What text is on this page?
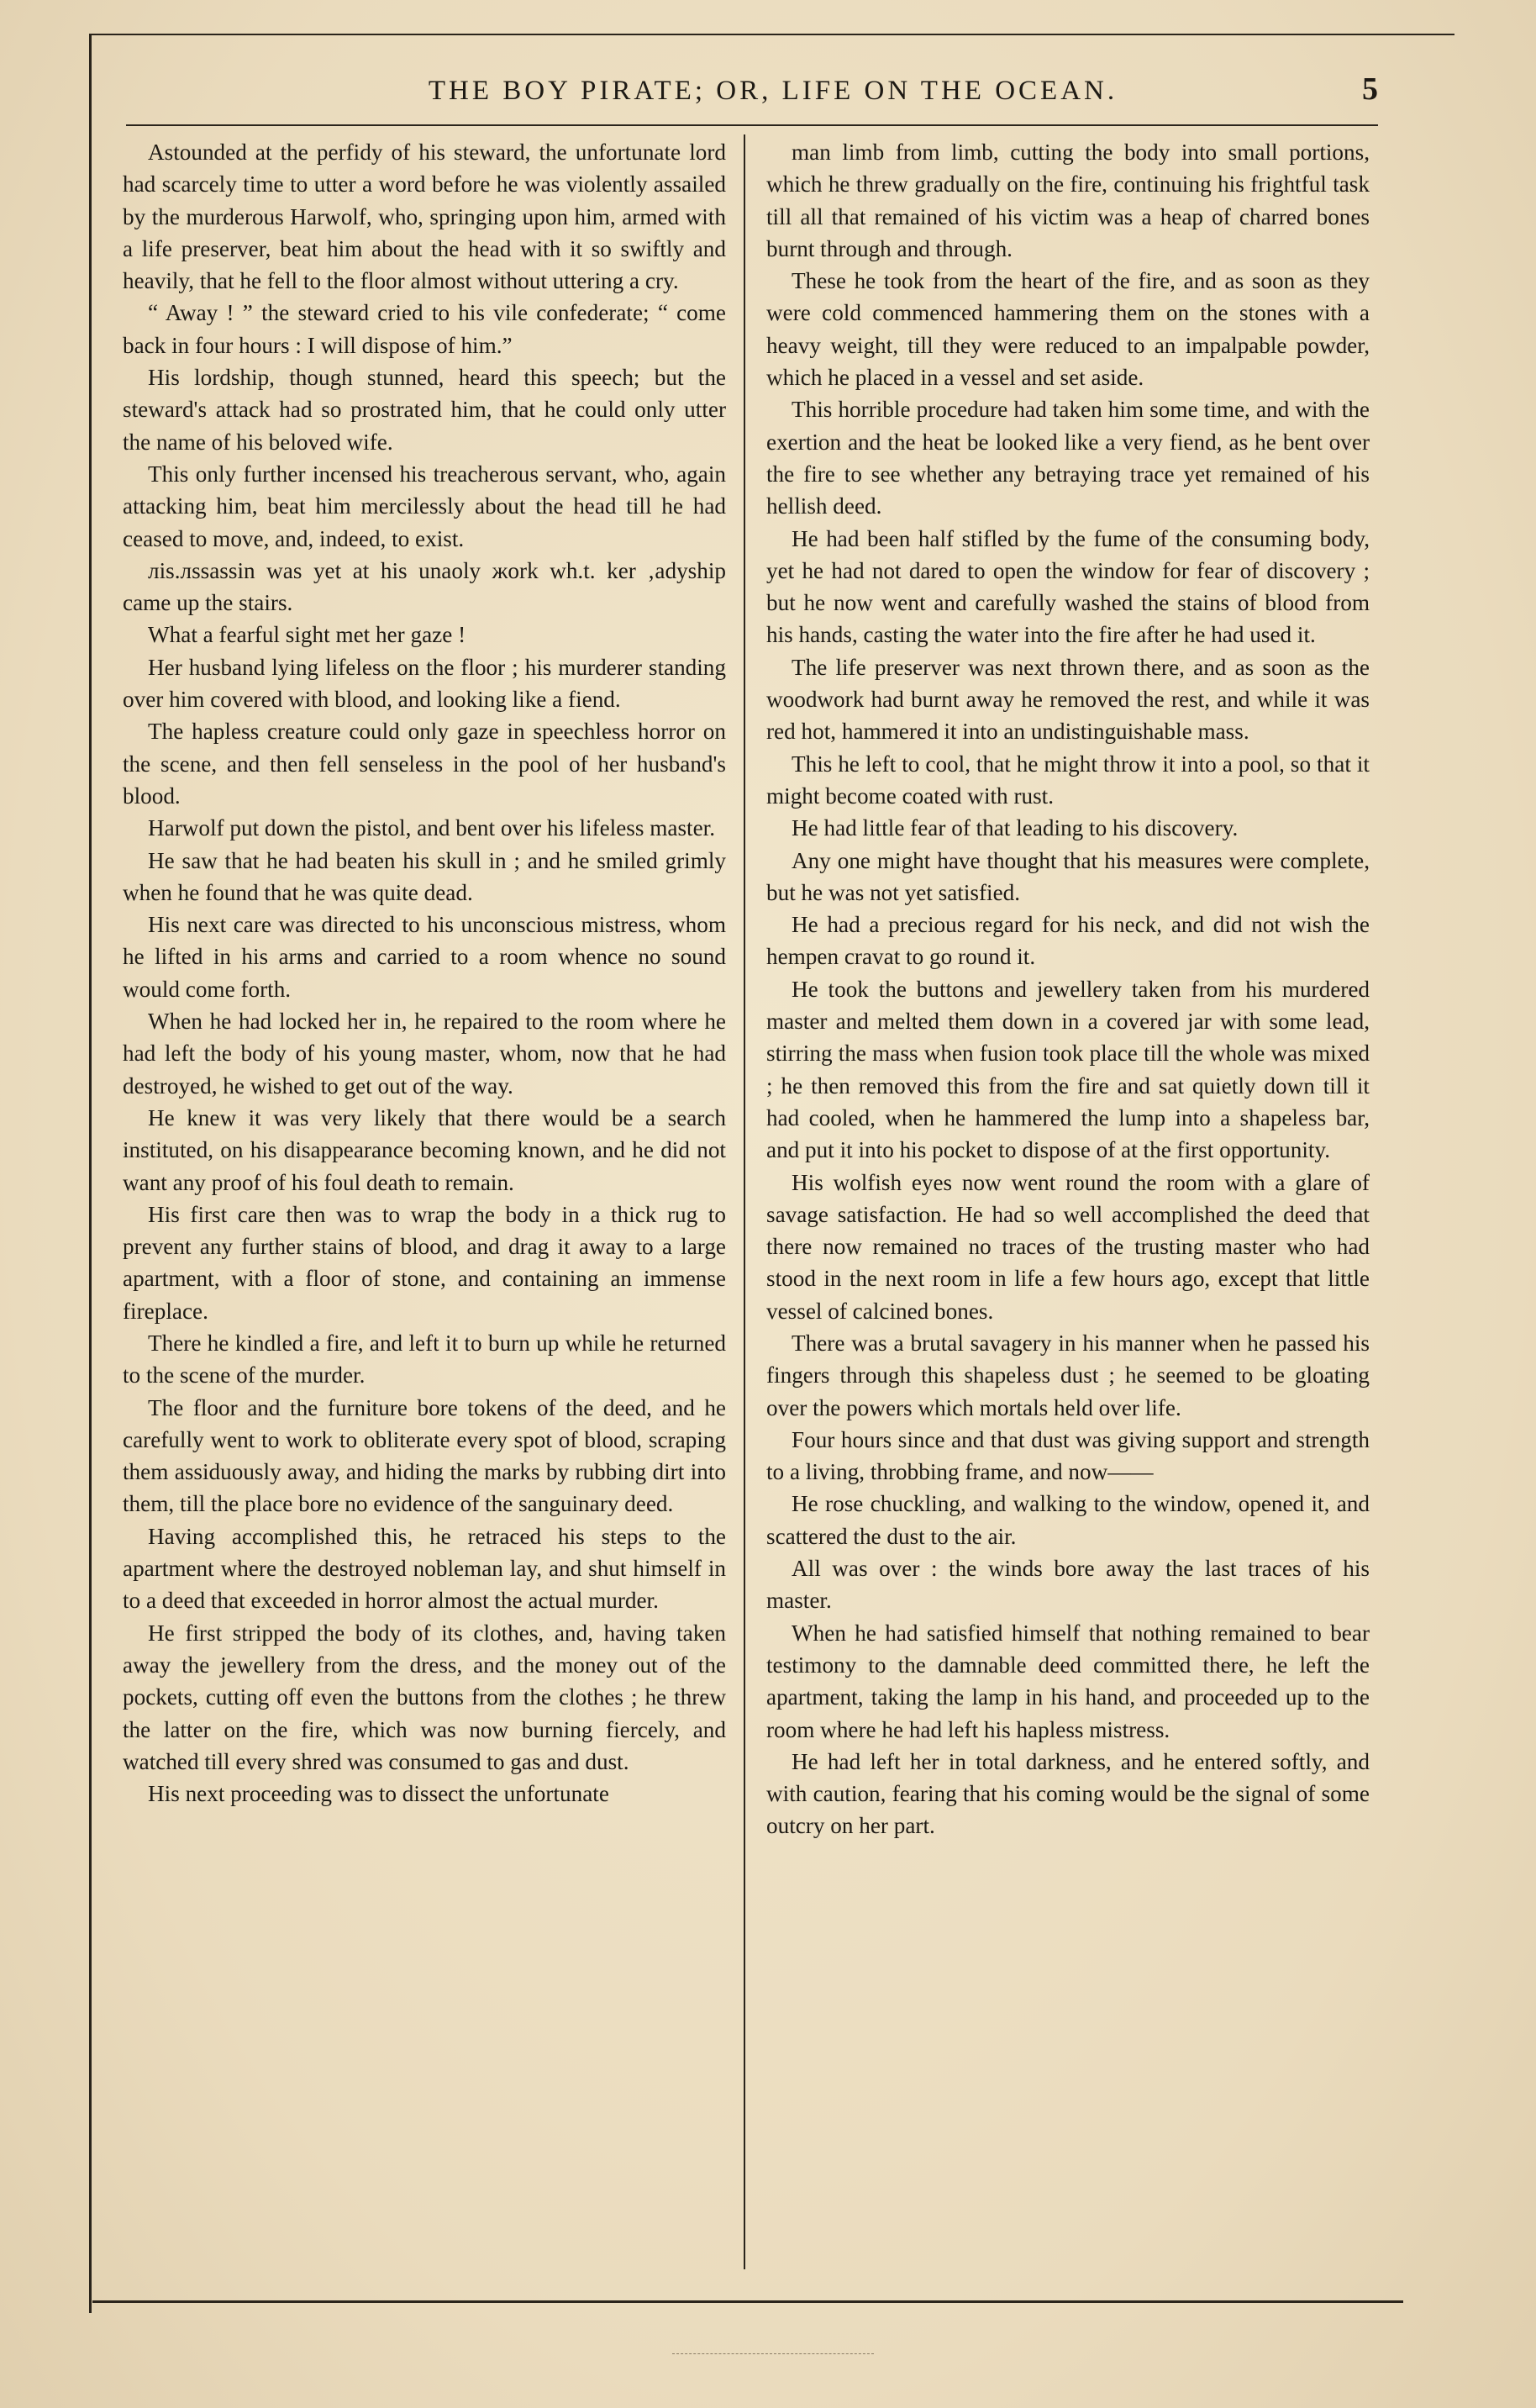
THE BOY PIRATE; OR, LIFE ON THE OCEAN.	5

Astounded at the perfidy of his steward, the unfortunate lord had scarcely time to utter a word before he was violently assailed by the murderous Harwolf, who, springing upon him, armed with a life preserver, beat him about the head with it so swiftly and heavily, that he fell to the floor almost without uttering a cry.

“ Away ! ” the steward cried to his vile confederate; “ come back in four hours : I will dispose of him.”

His lordship, though stunned, heard this speech; but the steward's attack had so prostrated him, that he could only utter the name of his beloved wife.

This only further incensed his treacherous servant, who, again attacking him, beat him mercilessly about the head till he had ceased to move, and, indeed, to exist.

ліѕ.лssassin was yet at his unaoly жork wh.t. ker ‚adyship came up the stairs.

What a fearful sight met her gaze !

Her husband lying lifeless on the floor ; his murderer standing over him covered with blood, and looking like a fiend.

The hapless creature could only gaze in speechless horror on the scene, and then fell senseless in the pool of her husband's blood.

Harwolf put down the pistol, and bent over his lifeless master.

He saw that he had beaten his skull in ; and he smiled grimly when he found that he was quite dead.

His next care was directed to his unconscious mistress, whom he lifted in his arms and carried to a room whence no sound would come forth.

When he had locked her in, he repaired to the room where he had left the body of his young master, whom, now that he had destroyed, he wished to get out of the way.

He knew it was very likely that there would be a search instituted, on his disappearance becoming known, and he did not want any proof of his foul death to remain.

His first care then was to wrap the body in a thick rug to prevent any further stains of blood, and drag it away to a large apartment, with a floor of stone, and containing an immense fireplace.

There he kindled a fire, and left it to burn up while he returned to the scene of the murder.

The floor and the furniture bore tokens of the deed, and he carefully went to work to obliterate every spot of blood, scraping them assiduously away, and hiding the marks by rubbing dirt into them, till the place bore no evidence of the sanguinary deed.

Having accomplished this, he retraced his steps to the apartment where the destroyed nobleman lay, and shut himself in to a deed that exceeded in horror almost the actual murder.

He first stripped the body of its clothes, and, having taken away the jewellery from the dress, and the money out of the pockets, cutting off even the buttons from the clothes ; he threw the latter on the fire, which was now burning fiercely, and watched till every shred was consumed to gas and dust.

His next proceeding was to dissect the unfortunate

man limb from limb, cutting the body into small portions, which he threw gradually on the fire, continuing his frightful task till all that remained of his victim was a heap of charred bones burnt through and through.

These he took from the heart of the fire, and as soon as they were cold commenced hammering them on the stones with a heavy weight, till they were reduced to an impalpable powder, which he placed in a vessel and set aside.

This horrible procedure had taken him some time, and with the exertion and the heat be looked like a very fiend, as he bent over the fire to see whether any betraying trace yet remained of his hellish deed.

He had been half stifled by the fume of the consuming body, yet he had not dared to open the window for fear of discovery ; but he now went and carefully washed the stains of blood from his hands, casting the water into the fire after he had used it.

The life preserver was next thrown there, and as soon as the woodwork had burnt away he removed the rest, and while it was red hot, hammered it into an undistinguishable mass.

This he left to cool, that he might throw it into a pool, so that it might become coated with rust.

He had little fear of that leading to his discovery.

Any one might have thought that his measures were complete, but he was not yet satisfied.

He had a precious regard for his neck, and did not wish the hempen cravat to go round it.

He took the buttons and jewellery taken from his murdered master and melted them down in a covered jar with some lead, stirring the mass when fusion took place till the whole was mixed ; he then removed this from the fire and sat quietly down till it had cooled, when he hammered the lump into a shapeless bar, and put it into his pocket to dispose of at the first opportunity.

His wolfish eyes now went round the room with a glare of savage satisfaction. He had so well accomplished the deed that there now remained no traces of the trusting master who had stood in the next room in life a few hours ago, except that little vessel of calcined bones.

There was a brutal savagery in his manner when he passed his fingers through this shapeless dust ; he seemed to be gloating over the powers which mortals held over life.

Four hours since and that dust was giving support and strength to a living, throbbing frame, and now——

He rose chuckling, and walking to the window, opened it, and scattered the dust to the air.

All was over : the winds bore away the last traces of his master.

When he had satisfied himself that nothing remained to bear testimony to the damnable deed committed there, he left the apartment, taking the lamp in his hand, and proceeded up to the room where he had left his hapless mistress.

He had left her in total darkness, and he entered softly, and with caution, fearing that his coming would be the signal of some outcry on her part.
